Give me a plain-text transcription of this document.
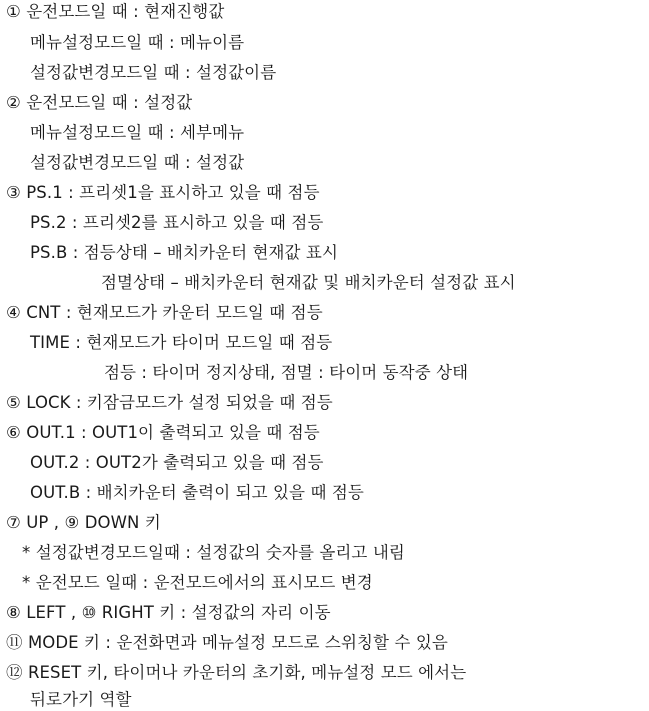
① 운전모드일 때 : 현재진행값
메뉴설정모드일 때 : 메뉴이름
설정값변경모드일 때 : 설정값이름
② 운전모드일 때 : 설정값
메뉴설정모드일 때 : 세부메뉴
설정값변경모드일 때 : 설정값
③ PS.1 : 프리셋1을 표시하고 있을 때 점등
PS.2 : 프리셋2를 표시하고 있을 때 점등
PS.B : 점등상태 – 배치카운터 현재값 표시
점멸상태 – 배치카운터 현재값 및 배치카운터 설정값 표시
④ CNT : 현재모드가 카운터 모드일 때 점등
TIME : 현재모드가 타이머 모드일 때 점등
점등 : 타이머 정지상태, 점멸 : 타이머 동작중 상태
⑤ LOCK : 키잠금모드가 설정 되었을 때 점등
⑥ OUT.1 : OUT1이 출력되고 있을 때 점등
OUT.2 : OUT2가 출력되고 있을 때 점등
OUT.B : 배치카운터 출력이 되고 있을 때 점등
⑦ UP , ⑨ DOWN 키
* 설정값변경모드일때 : 설정값의 숫자를 올리고 내림
* 운전모드 일때 : 운전모드에서의 표시모드 변경
⑧ LEFT , ⑩ RIGHT 키 : 설정값의 자리 이동
⑪ MODE 키 : 운전화면과 메뉴설정 모드로 스위칭할 수 있음
⑫ RESET 키, 타이머나 카운터의 초기화, 메뉴설정 모드 에서는
뒤로가기 역할
